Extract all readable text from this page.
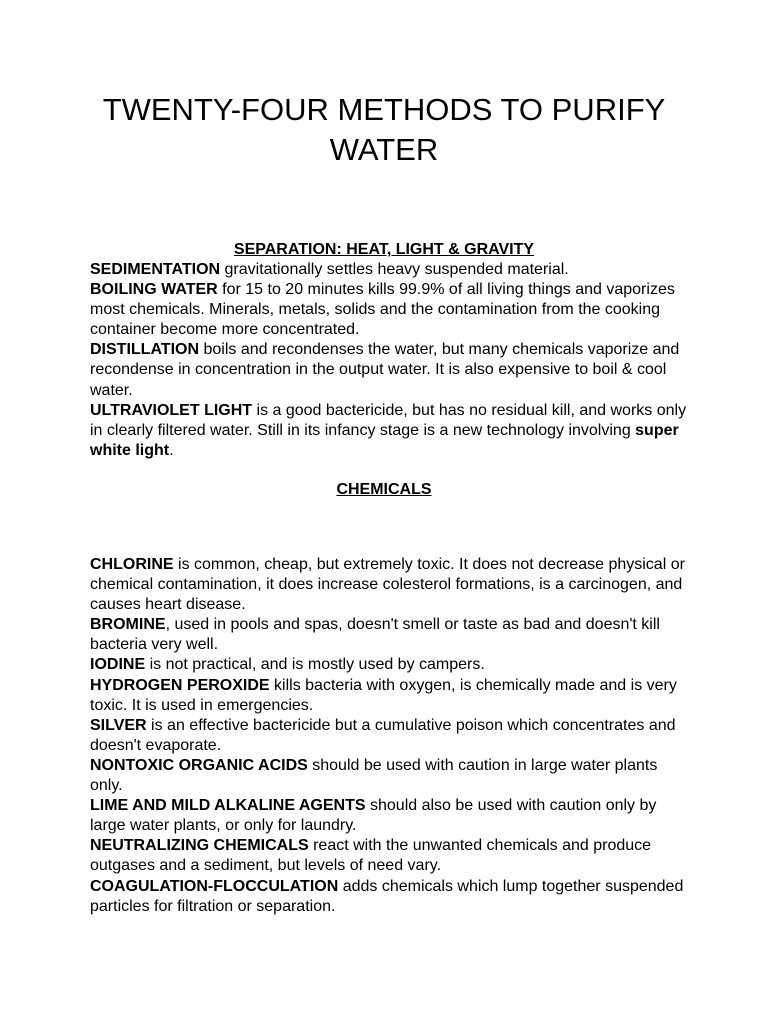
TWENTY-FOUR METHODS TO PURIFY WATER
SEPARATION: HEAT, LIGHT & GRAVITY

SEDIMENTATION gravitationally settles heavy suspended material.

BOILING WATER for 15 to 20 minutes kills 99.9% of all living things and vaporizes most chemicals. Minerals, metals, solids and the contamination from the cooking container become more concentrated.

DISTILLATION boils and recondenses the water, but many chemicals vaporize and recondense in concentration in the output water. It is also expensive to boil & cool water.

ULTRAVIOLET LIGHT is a good bactericide, but has no residual kill, and works only in clearly filtered water. Still in its infancy stage is a new technology involving super white light.

CHEMICALS

CHLORINE is common, cheap, but extremely toxic. It does not decrease physical or chemical contamination, it does increase colesterol formations, is a carcinogen, and causes heart disease.

BROMINE, used in pools and spas, doesn't smell or taste as bad and doesn't kill bacteria very well.

IODINE is not practical, and is mostly used by campers.

HYDROGEN PEROXIDE kills bacteria with oxygen, is chemically made and is very toxic. It is used in emergencies.

SILVER is an effective bactericide but a cumulative poison which concentrates and doesn't evaporate.

NONTOXIC ORGANIC ACIDS should be used with caution in large water plants only.

LIME AND MILD ALKALINE AGENTS should also be used with caution only by large water plants, or only for laundry.

NEUTRALIZING CHEMICALS react with the unwanted chemicals and produce outgases and a sediment, but levels of need vary.

COAGULATION-FLOCCULATION adds chemicals which lump together suspended particles for filtration or separation.
